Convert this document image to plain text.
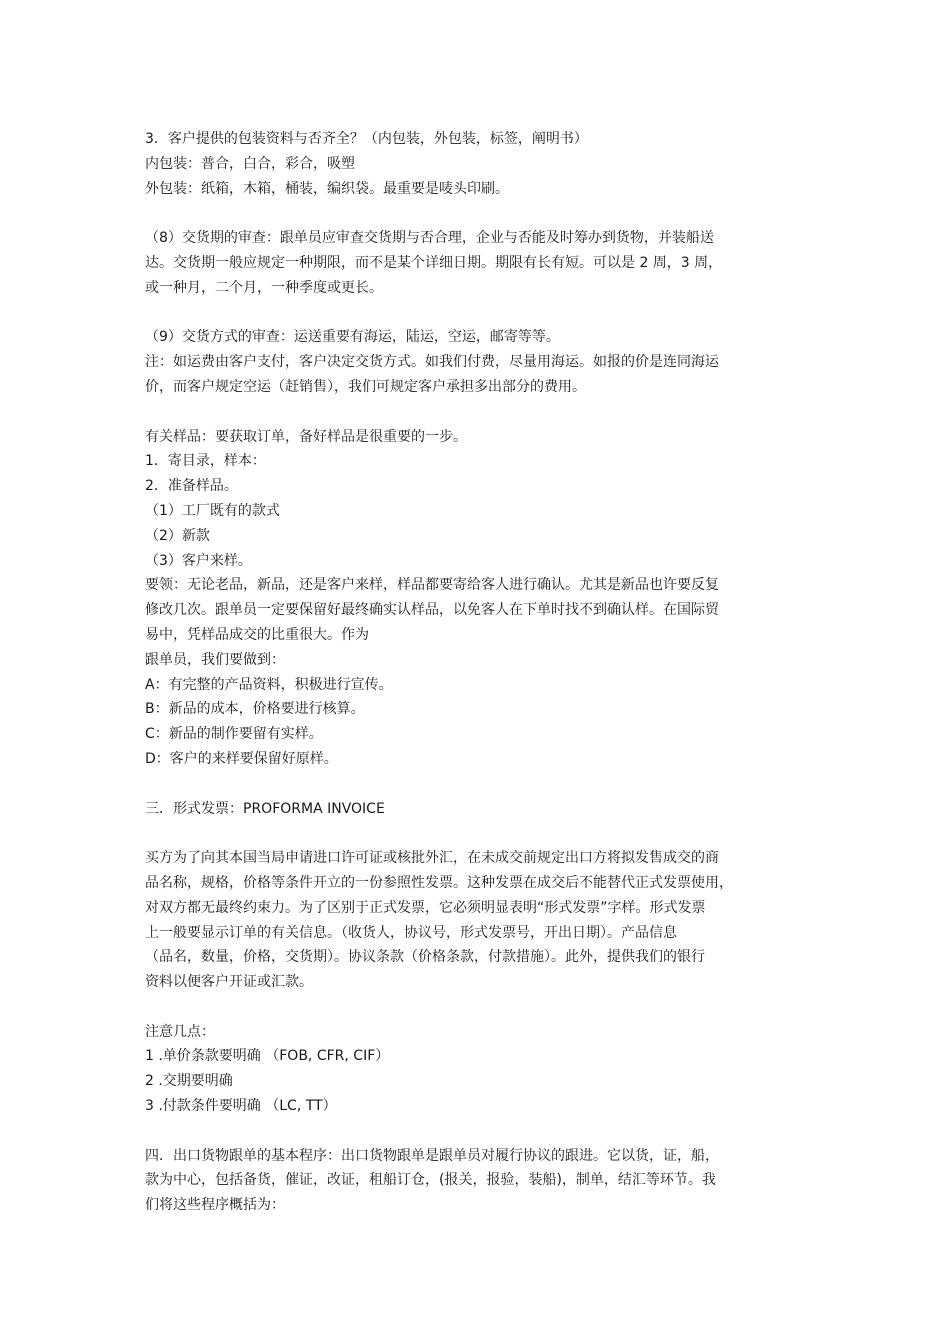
3．客户提供的包装资料与否齐全？（内包装，外包装，标签，阐明书）
内包装：普合，白合，彩合，吸塑
外包装：纸箱，木箱，桶装，编织袋。最重要是唛头印刷。
（8）交货期的审查：跟单员应审查交货期与否合理，企业与否能及时筹办到货物，并装船送
达。交货期一般应规定一种期限，而不是某个详细日期。期限有长有短。可以是 2 周，3 周，
或一种月，二个月，一种季度或更长。
（9）交货方式的审查：运送重要有海运，陆运，空运，邮寄等等。
注：如运费由客户支付，客户决定交货方式。如我们付费，尽量用海运。如报的价是连同海运
价，而客户规定空运（赶销售），我们可规定客户承担多出部分的费用。
有关样品：要获取订单，备好样品是很重要的一步。
1．寄目录，样本：
2．准备样品。
（1）工厂既有的款式
（2）新款
（3）客户来样。
要领：无论老品，新品，还是客户来样，样品都要寄给客人进行确认。尤其是新品也许要反复
修改几次。跟单员一定要保留好最终确实认样品，以免客人在下单时找不到确认样。在国际贸
易中，凭样品成交的比重很大。作为
跟单员，我们要做到：
A：有完整的产品资料，积极进行宣传。
B：新品的成本，价格要进行核算。
C：新品的制作要留有实样。
D：客户的来样要保留好原样。
三．形式发票：PROFORMA INVOICE
买方为了向其本国当局申请进口许可证或核批外汇，在未成交前规定出口方将拟发售成交的商
品名称，规格，价格等条件开立的一份参照性发票。这种发票在成交后不能替代正式发票使用，
对双方都无最终约束力。为了区别于正式发票，它必须明显表明“形式发票”字样。形式发票
上一般要显示订单的有关信息。（收货人，协议号，形式发票号，开出日期）。产品信息
（品名，数量，价格，交货期）。协议条款（价格条款，付款措施）。此外，提供我们的银行
资料以便客户开证或汇款。
注意几点：
1 .单价条款要明确 （FOB, CFR, CIF）
2 .交期要明确
3 .付款条件要明确 （LC, TT）
四．出口货物跟单的基本程序：出口货物跟单是跟单员对履行协议的跟进。它以货，证，船，
款为中心，包括备货，催证，改证，租船订仓，(报关，报验，装船)，制单，结汇等环节。我
们将这些程序概括为：
